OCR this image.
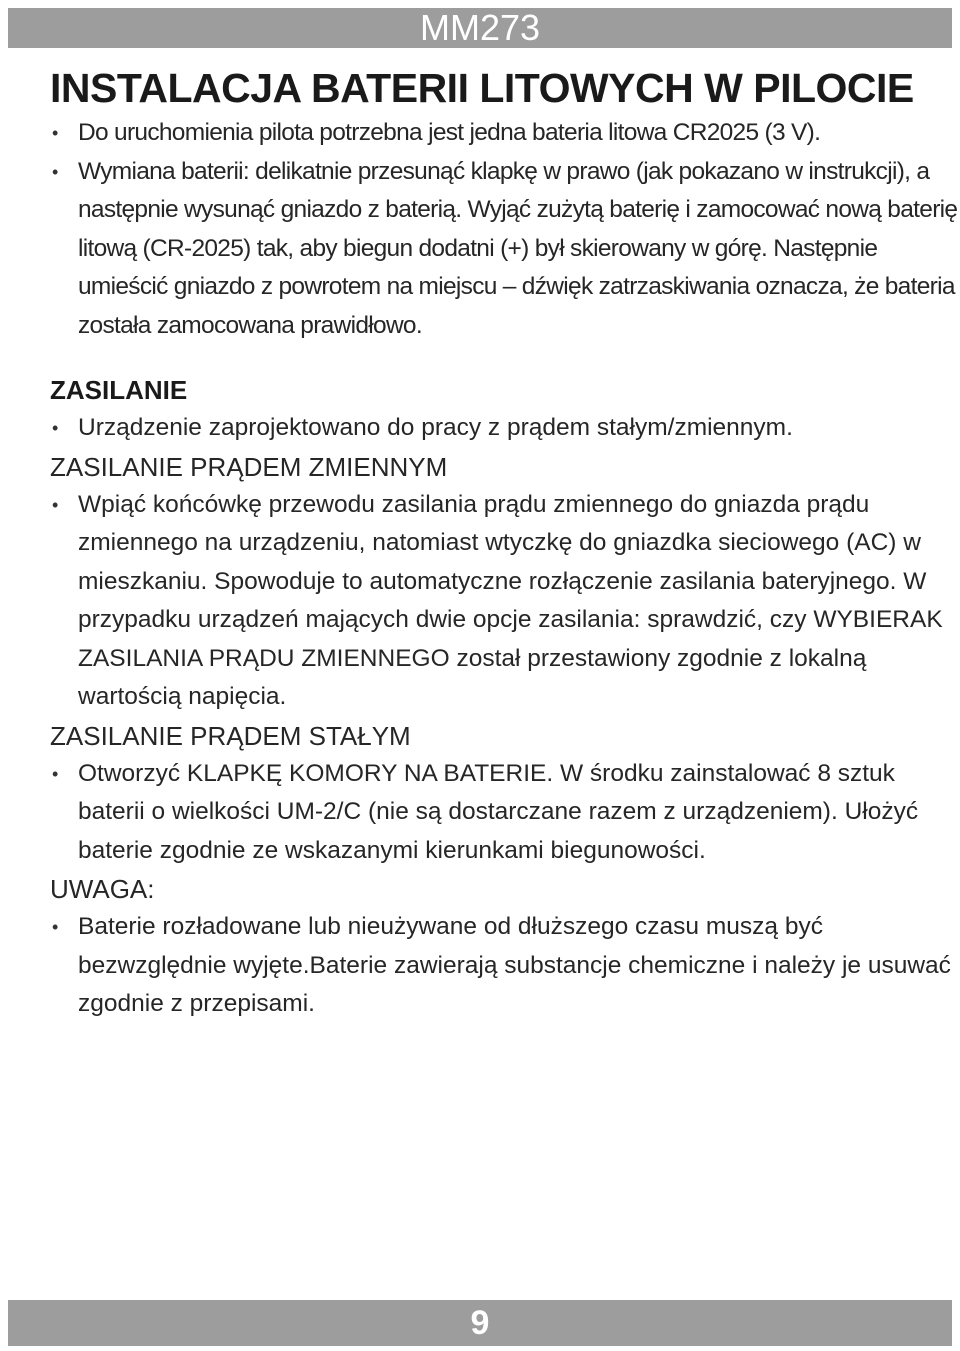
MM273
INSTALACJA BATERII LITOWYCH W PILOCIE
• Do uruchomienia pilota potrzebna jest jedna bateria litowa CR2025 (3 V).
• Wymiana baterii: delikatnie przesunąć klapkę w prawo (jak pokazano w instrukcji), a następnie wysunąć gniazdo z baterią. Wyjąć zużytą baterię i zamocować nową baterię litową (CR-2025) tak, aby biegun dodatni (+) był skierowany w górę. Następnie umieścić gniazdo z powrotem na miejscu – dźwięk zatrzaskiwania oznacza, że bateria została zamocowana prawidłowo.
ZASILANIE
• Urządzenie zaprojektowano do pracy z prądem stałym/zmiennym.
ZASILANIE PRĄDEM ZMIENNYM
• Wpiąć końcówkę przewodu zasilania prądu zmiennego do gniazda prądu zmiennego na urządzeniu, natomiast wtyczkę do gniazdka sieciowego (AC) w mieszkaniu. Spowoduje to automatyczne rozłączenie zasilania bateryjnego. W przypadku urządzeń mających dwie opcje zasilania: sprawdzić, czy WYBIERAK ZASILANIA PRĄDU ZMIENNEGO został przestawiony zgodnie z lokalną wartością napięcia.
ZASILANIE PRĄDEM STAŁYM
• Otworzyć KLAPKĘ KOMORY NA BATERIE. W środku zainstalować 8 sztuk baterii o wielkości UM-2/C (nie są dostarczane razem z urządzeniem). Ułożyć baterie zgodnie ze wskazanymi kierunkami biegunowości.
UWAGA:
• Baterie rozładowane lub nieużywane od dłuższego czasu muszą być bezwzględnie wyjęte.Baterie zawierają substancje chemiczne i należy je usuwać zgodnie z przepisami.
9
